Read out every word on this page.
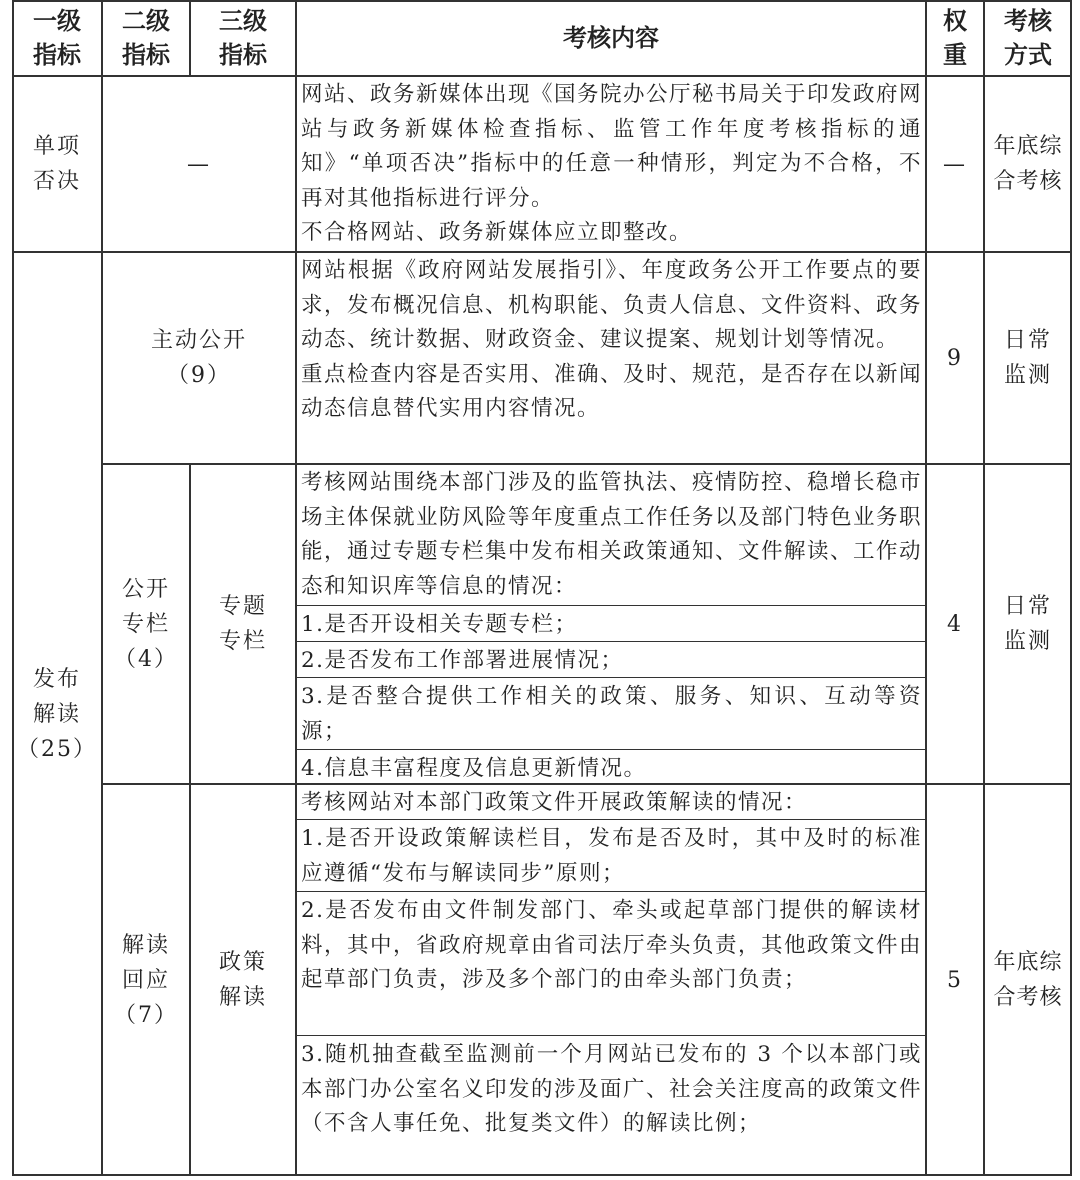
一级
指标
二级
指标
三级
指标
考核内容
权
重
考核
方式
单项
否决
—

网站、政务新媒体出现《国务院办公厅秘书局关于印发政府网站与政务新媒体检查指标、监管工作年度考核指标的通知》“单项否决”指标中的任意一种情形，判定为不合格，不再对其他指标进行评分。

不合格网站、政务新媒体应立即整改。

—
年底综
合考核
发布
解读
（25）
主动公开
（9）

网站根据《政府网站发展指引》、年度政务公开工作要点的要求，发布概况信息、机构职能、负责人信息、文件资料、政务动态、统计数据、财政资金、建议提案、规划计划等情况。

重点检查内容是否实用、准确、及时、规范，是否存在以新闻动态信息替代实用内容情况。

9
日常
监测
公开
专栏
（4）
专题
专栏

考核网站围绕本部门涉及的监管执法、疫情防控、稳增长稳市场主体保就业防风险等年度重点工作任务以及部门特色业务职能，通过专题专栏集中发布相关政策通知、文件解读、工作动态和知识库等信息的情况：

1.是否开设相关专题专栏；

2.是否发布工作部署进展情况；

3.是否整合提供工作相关的政策、服务、知识、互动等资源；

4.信息丰富程度及信息更新情况。

4
日常
监测
解读
回应
（7）
政策
解读

考核网站对本部门政策文件开展政策解读的情况：

1.是否开设政策解读栏目，发布是否及时，其中及时的标准应遵循“发布与解读同步”原则；

2.是否发布由文件制发部门、牵头或起草部门提供的解读材料，其中，省政府规章由省司法厅牵头负责，其他政策文件由起草部门负责，涉及多个部门的由牵头部门负责；

3.随机抽查截至监测前一个月网站已发布的 3 个以本部门或本部门办公室名义印发的涉及面广、社会关注度高的政策文件（不含人事任免、批复类文件）的解读比例；

5
年底综
合考核
